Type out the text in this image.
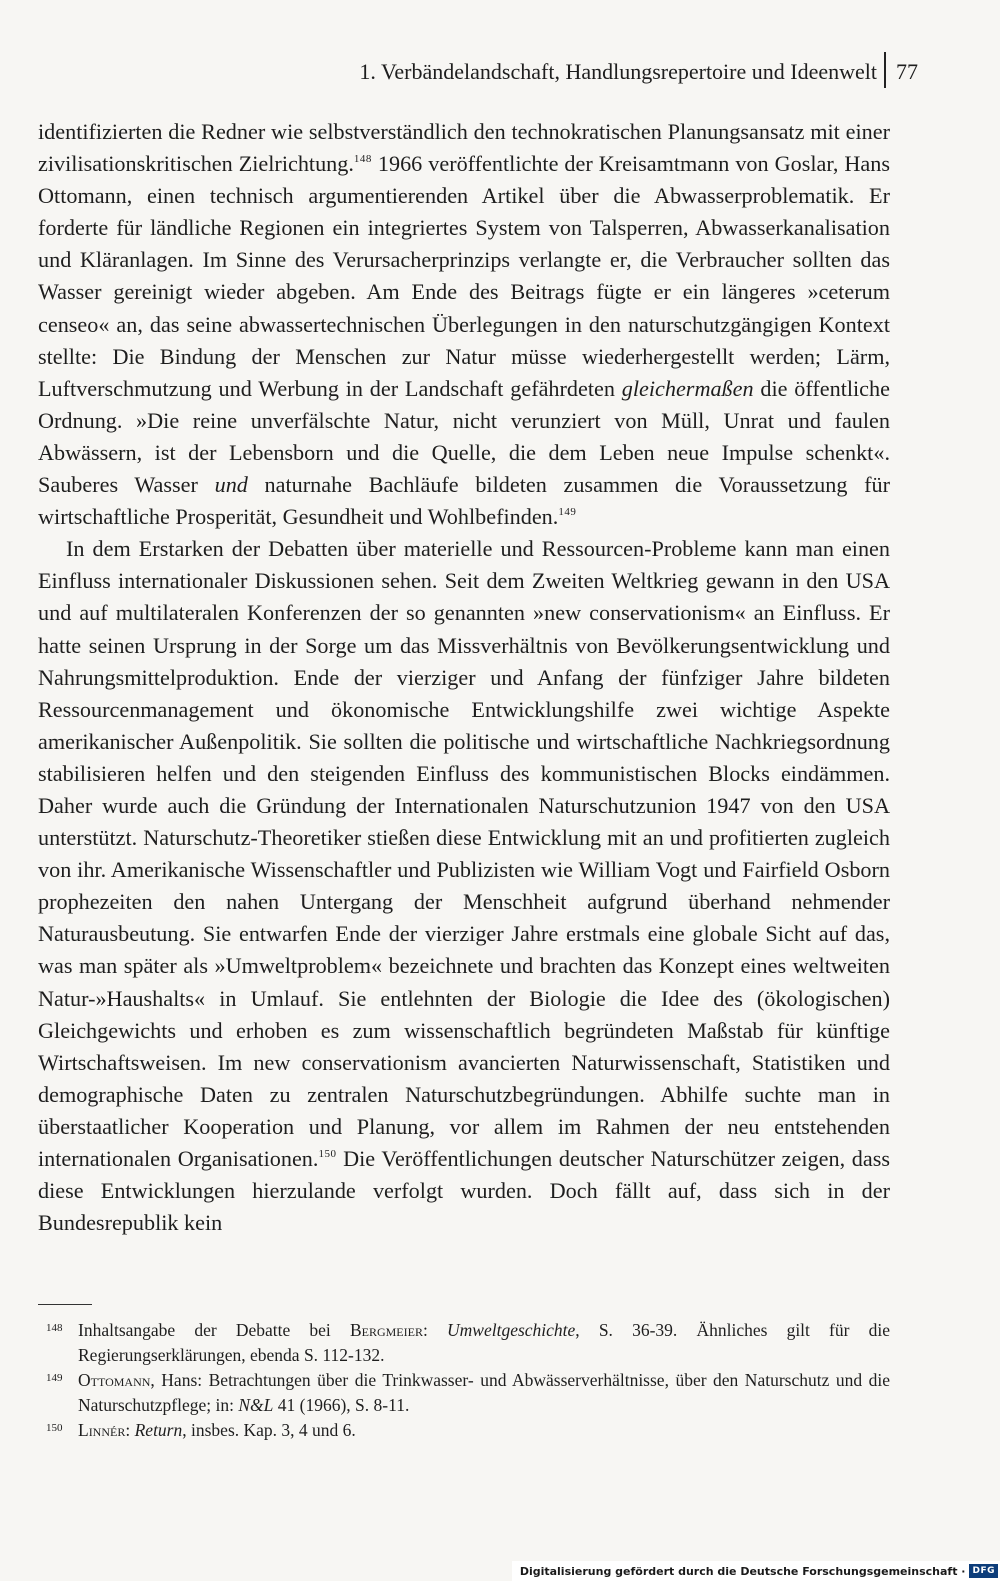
1. Verbändelandschaft, Handlungsrepertoire und Ideenwelt 77

identifizierten die Redner wie selbstverständlich den technokratischen Planungsansatz mit einer zivilisationskritischen Zielrichtung.$^{148}$ 1966 veröffentlichte der Kreisamtmann von Goslar, Hans Ottomann, einen technisch argumentierenden Artikel über die Abwasserproblematik. Er forderte für ländliche Regionen ein integriertes System von Talsperren, Abwasserkanalisation und Kläranlagen. Im Sinne des Verursacherprinzips verlangte er, die Verbraucher sollten das Wasser gereinigt wieder abgeben. Am Ende des Beitrags fügte er ein längeres »ceterum censeo« an, das seine abwassertechnischen Überlegungen in den naturschutzgängigen Kontext stellte: Die Bindung der Menschen zur Natur müsse wiederhergestellt werden; Lärm, Luftverschmutzung und Werbung in der Landschaft gefährdeten gleichermaßen die öffentliche Ordnung. »Die reine unverfälschte Natur, nicht verunziert von Müll, Unrat und faulen Abwässern, ist der Lebensborn und die Quelle, die dem Leben neue Impulse schenkt«. Sauberes Wasser und naturnahe Bachläufe bildeten zusammen die Voraussetzung für wirtschaftliche Prosperität, Gesundheit und Wohlbefinden.$^{149}$

In dem Erstarken der Debatten über materielle und Ressourcen-Probleme kann man einen Einfluss internationaler Diskussionen sehen. Seit dem Zweiten Weltkrieg gewann in den USA und auf multilateralen Konferenzen der so genannten »new conservationism« an Einfluss. Er hatte seinen Ursprung in der Sorge um das Missverhältnis von Bevölkerungsentwicklung und Nahrungsmittelproduktion. Ende der vierziger und Anfang der fünfziger Jahre bildeten Ressourcenmanagement und ökonomische Entwicklungshilfe zwei wichtige Aspekte amerikanischer Außenpolitik. Sie sollten die politische und wirtschaftliche Nachkriegsordnung stabilisieren helfen und den steigenden Einfluss des kommunistischen Blocks eindämmen. Daher wurde auch die Gründung der Internationalen Naturschutzunion 1947 von den USA unterstützt. Naturschutz-Theoretiker stießen diese Entwicklung mit an und profitierten zugleich von ihr. Amerikanische Wissenschaftler und Publizisten wie William Vogt und Fairfield Osborn prophezeiten den nahen Untergang der Menschheit aufgrund überhand nehmender Naturausbeutung. Sie entwarfen Ende der vierziger Jahre erstmals eine globale Sicht auf das, was man später als »Umweltproblem« bezeichnete und brachten das Konzept eines weltweiten Natur-»Haushalts« in Umlauf. Sie entlehnten der Biologie die Idee des (ökologischen) Gleichgewichts und erhoben es zum wissenschaftlich begründeten Maßstab für künftige Wirtschaftsweisen. Im new conservationism avancierten Naturwissenschaft, Statistiken und demographische Daten zu zentralen Naturschutzbegründungen. Abhilfe suchte man in überstaatlicher Kooperation und Planung, vor allem im Rahmen der neu entstehenden internationalen Organisationen.$^{150}$ Die Veröffentlichungen deutscher Naturschützer zeigen, dass diese Entwicklungen hierzulande verfolgt wurden. Doch fällt auf, dass sich in der Bundesrepublik kein

148 Inhaltsangabe der Debatte bei Bergmeier: Umweltgeschichte, S. 36-39. Ähnliches gilt für die Regierungserklärungen, ebenda S. 112-132.
149 Ottomann, Hans: Betrachtungen über die Trinkwasser- und Abwässerverhältnisse, über den Naturschutz und die Naturschutzpflege; in: N&L 41 (1966), S. 8-11.
150 Linnér: Return, insbes. Kap. 3, 4 und 6.
Digitalisierung gefördert durch die Deutsche Forschungsgemeinschaft · DFG
